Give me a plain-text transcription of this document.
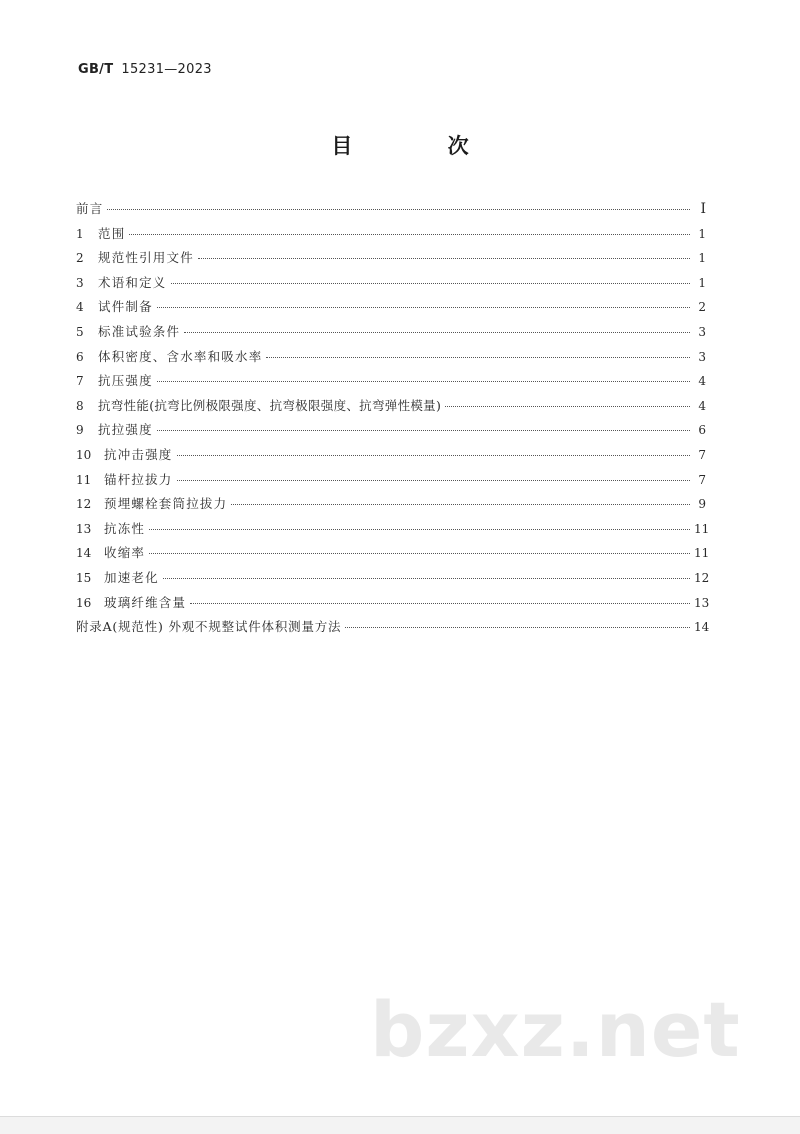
GB/T 15231—2023
目 次
前言	Ⅰ
1	范围	1
2	规范性引用文件	1
3	术语和定义	1
4	试件制备	2
5	标准试验条件	3
6	体积密度、含水率和吸水率	3
7	抗压强度	4
8	抗弯性能(抗弯比例极限强度、抗弯极限强度、抗弯弹性模量)	4
9	抗拉强度	6
10	抗冲击强度	7
11	锚杆拉拔力	7
12	预埋螺栓套筒拉拔力	9
13	抗冻性	11
14	收缩率	11
15	加速老化	12
16	玻璃纤维含量	13
附录A(规范性) 外观不规整试件体积测量方法	14
bzxz.net
